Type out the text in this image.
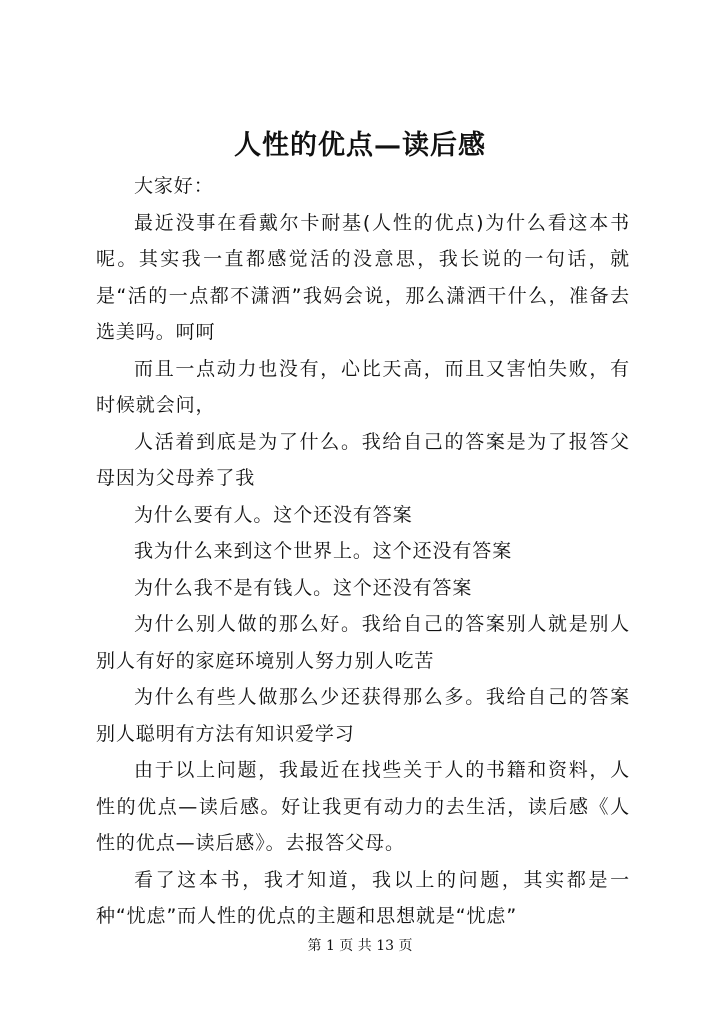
人性的优点—读后感

大家好：

最近没事在看戴尔卡耐基(人性的优点)为什么看这本书呢。其实我一直都感觉活的没意思，我长说的一句话，就是“活的一点都不潇洒”我妈会说，那么潇洒干什么，准备去选美吗。呵呵

而且一点动力也没有，心比天高，而且又害怕失败，有时候就会问，

人活着到底是为了什么。我给自己的答案是为了报答父母因为父母养了我

为什么要有人。这个还没有答案

我为什么来到这个世界上。这个还没有答案

为什么我不是有钱人。这个还没有答案

为什么别人做的那么好。我给自己的答案别人就是别人别人有好的家庭环境别人努力别人吃苦

为什么有些人做那么少还获得那么多。我给自己的答案别人聪明有方法有知识爱学习

由于以上问题，我最近在找些关于人的书籍和资料，人性的优点—读后感。好让我更有动力的去生活，读后感《人性的优点—读后感》。去报答父母。

看了这本书，我才知道，我以上的问题，其实都是一种“忧虑”而人性的优点的主题和思想就是“忧虑”

第 1 页 共 13 页
